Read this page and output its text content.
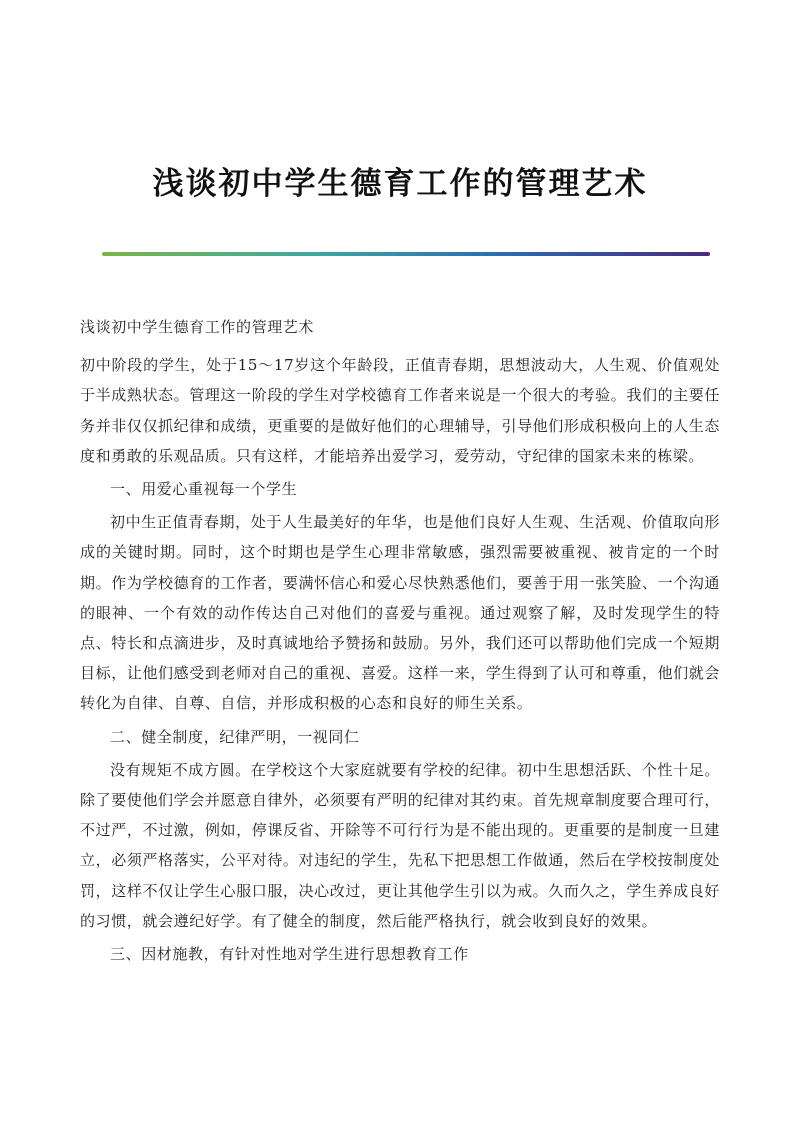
浅谈初中学生德育工作的管理艺术

浅谈初中学生德育工作的管理艺术

初中阶段的学生，处于15～17岁这个年龄段，正值青春期，思想波动大，人生观、价值观处于半成熟状态。管理这一阶段的学生对学校德育工作者来说是一个很大的考验。我们的主要任务并非仅仅抓纪律和成绩，更重要的是做好他们的心理辅导，引导他们形成积极向上的人生态度和勇敢的乐观品质。只有这样，才能培养出爱学习，爱劳动，守纪律的国家未来的栋梁。

一、用爱心重视每一个学生

初中生正值青春期，处于人生最美好的年华，也是他们良好人生观、生活观、价值取向形成的关键时期。同时，这个时期也是学生心理非常敏感，强烈需要被重视、被肯定的一个时期。作为学校德育的工作者，要满怀信心和爱心尽快熟悉他们，要善于用一张笑脸、一个沟通的眼神、一个有效的动作传达自己对他们的喜爱与重视。通过观察了解，及时发现学生的特点、特长和点滴进步，及时真诚地给予赞扬和鼓励。另外，我们还可以帮助他们完成一个短期目标，让他们感受到老师对自己的重视、喜爱。这样一来，学生得到了认可和尊重，他们就会转化为自律、自尊、自信，并形成积极的心态和良好的师生关系。

二、健全制度，纪律严明，一视同仁

没有规矩不成方圆。在学校这个大家庭就要有学校的纪律。初中生思想活跃、个性十足。除了要使他们学会并愿意自律外，必须要有严明的纪律对其约束。首先规章制度要合理可行，不过严，不过激，例如，停课反省、开除等不可行行为是不能出现的。更重要的是制度一旦建立，必须严格落实，公平对待。对违纪的学生，先私下把思想工作做通，然后在学校按制度处罚，这样不仅让学生心服口服，决心改过，更让其他学生引以为戒。久而久之，学生养成良好的习惯，就会遵纪好学。有了健全的制度，然后能严格执行，就会收到良好的效果。

三、因材施教，有针对性地对学生进行思想教育工作
